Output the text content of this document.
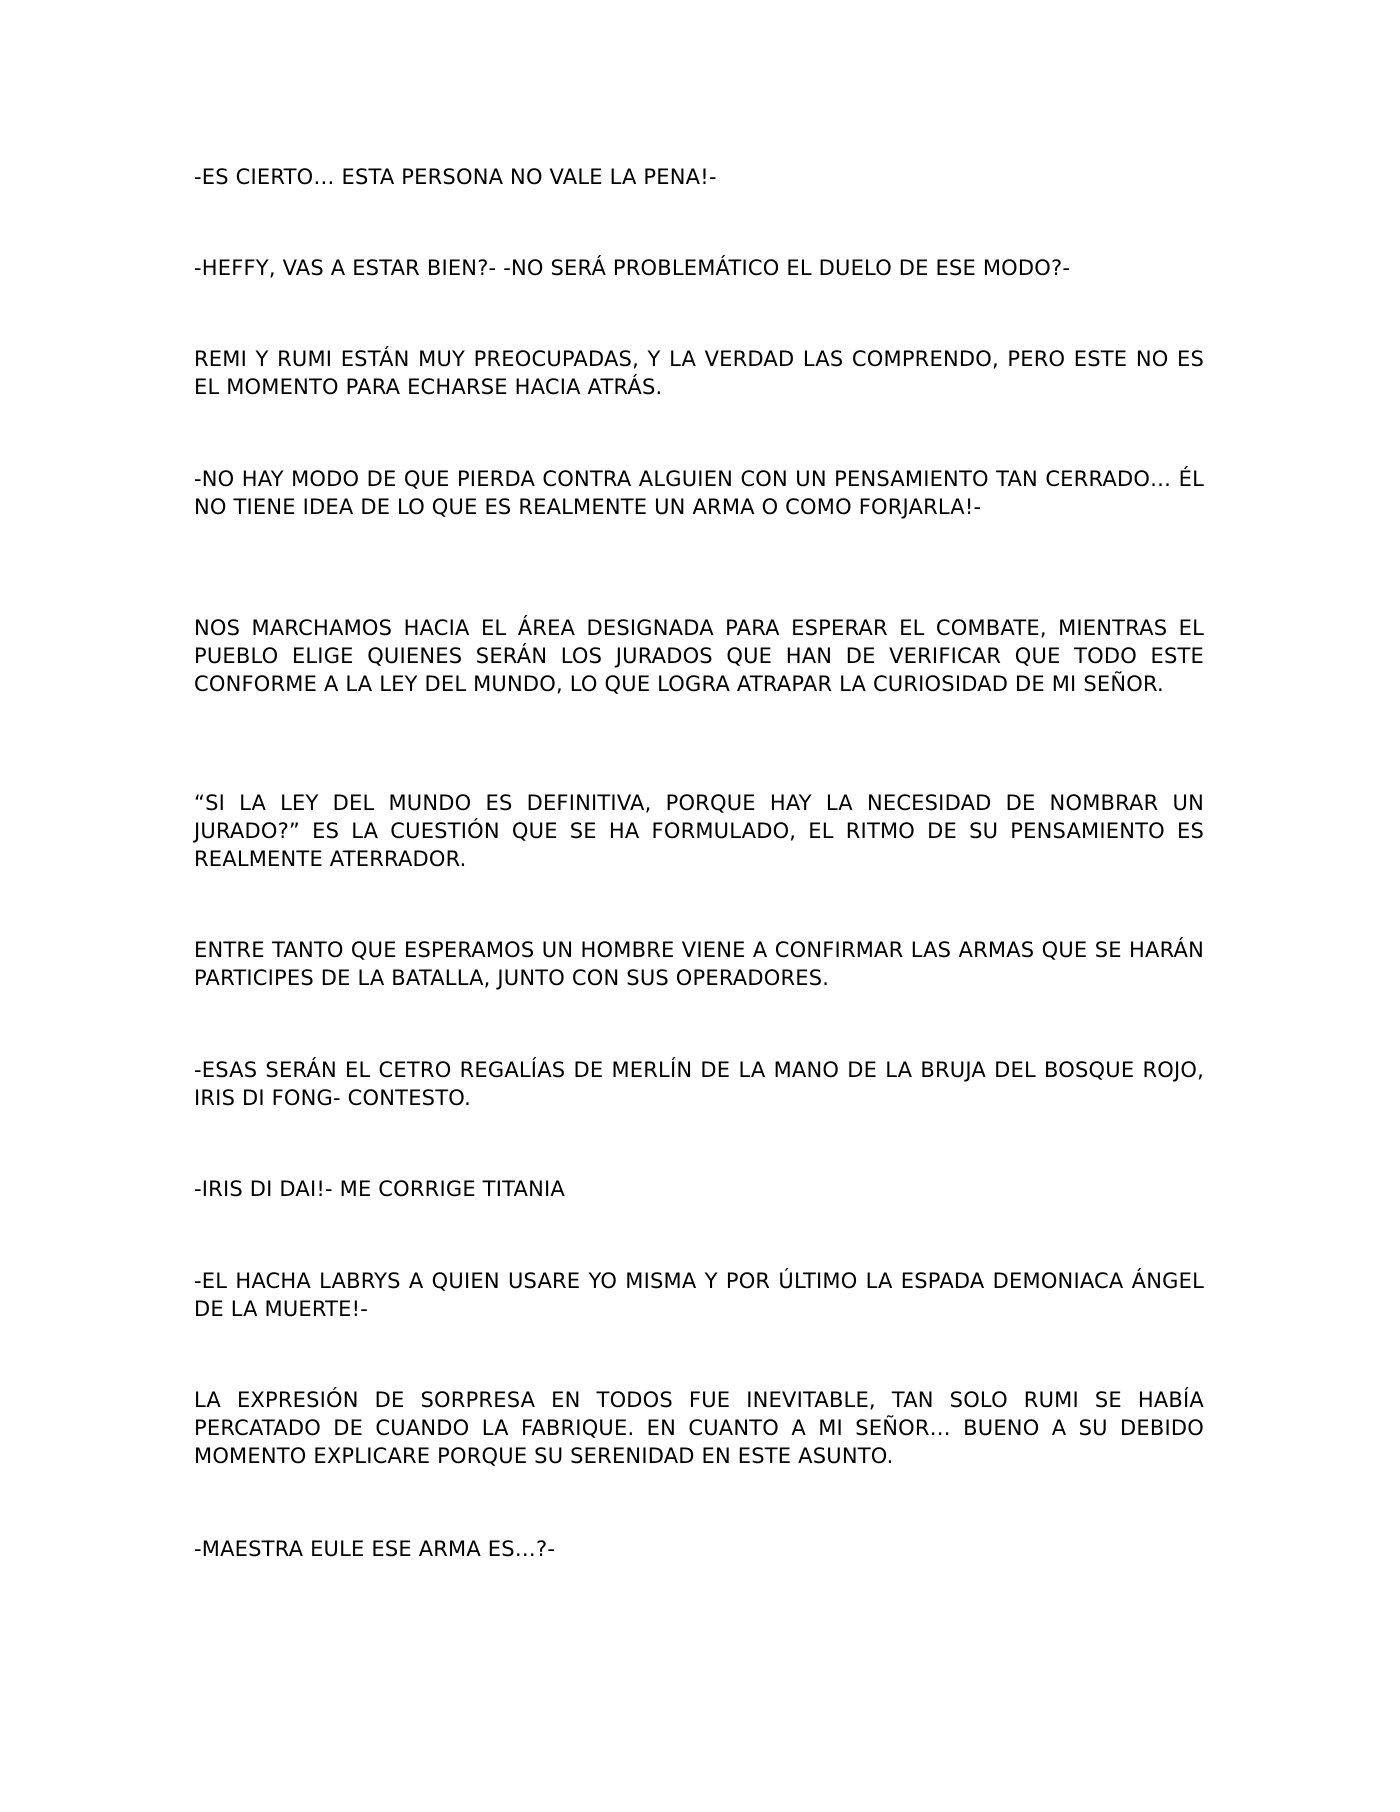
-ES CIERTO… ESTA PERSONA NO VALE LA PENA!-

-HEFFY, VAS A ESTAR BIEN?- -NO SERÁ PROBLEMÁTICO EL DUELO DE ESE MODO?-

REMI Y RUMI ESTÁN MUY PREOCUPADAS, Y LA VERDAD LAS COMPRENDO, PERO ESTE NO ES EL MOMENTO PARA ECHARSE HACIA ATRÁS.

-NO HAY MODO DE QUE PIERDA CONTRA ALGUIEN CON UN PENSAMIENTO TAN CERRADO… ÉL NO TIENE IDEA DE LO QUE ES REALMENTE UN ARMA O COMO FORJARLA!-

NOS MARCHAMOS HACIA EL ÁREA DESIGNADA PARA ESPERAR EL COMBATE, MIENTRAS EL PUEBLO ELIGE QUIENES SERÁN LOS JURADOS QUE HAN DE VERIFICAR QUE TODO ESTE CONFORME A LA LEY DEL MUNDO, LO QUE LOGRA ATRAPAR LA CURIOSIDAD DE MI SEÑOR.

“SI LA LEY DEL MUNDO ES DEFINITIVA, PORQUE HAY LA NECESIDAD DE NOMBRAR UN JURADO?” ES LA CUESTIÓN QUE SE HA FORMULADO, EL RITMO DE SU PENSAMIENTO ES REALMENTE ATERRADOR.

ENTRE TANTO QUE ESPERAMOS UN HOMBRE VIENE A CONFIRMAR LAS ARMAS QUE SE HARÁN PARTICIPES DE LA BATALLA, JUNTO CON SUS OPERADORES.

-ESAS SERÁN EL CETRO REGALÍAS DE MERLÍN DE LA MANO DE LA BRUJA DEL BOSQUE ROJO, IRIS DI FONG- CONTESTO.

-IRIS DI DAI!- ME CORRIGE TITANIA

-EL HACHA LABRYS A QUIEN USARE YO MISMA Y POR ÚLTIMO LA ESPADA DEMONIACA ÁNGEL DE LA MUERTE!-

LA EXPRESIÓN DE SORPRESA EN TODOS FUE INEVITABLE, TAN SOLO RUMI SE HABÍA PERCATADO DE CUANDO LA FABRIQUE. EN CUANTO A MI SEÑOR… BUENO A SU DEBIDO MOMENTO EXPLICARE PORQUE SU SERENIDAD EN ESTE ASUNTO.

-MAESTRA EULE ESE ARMA ES…?-
